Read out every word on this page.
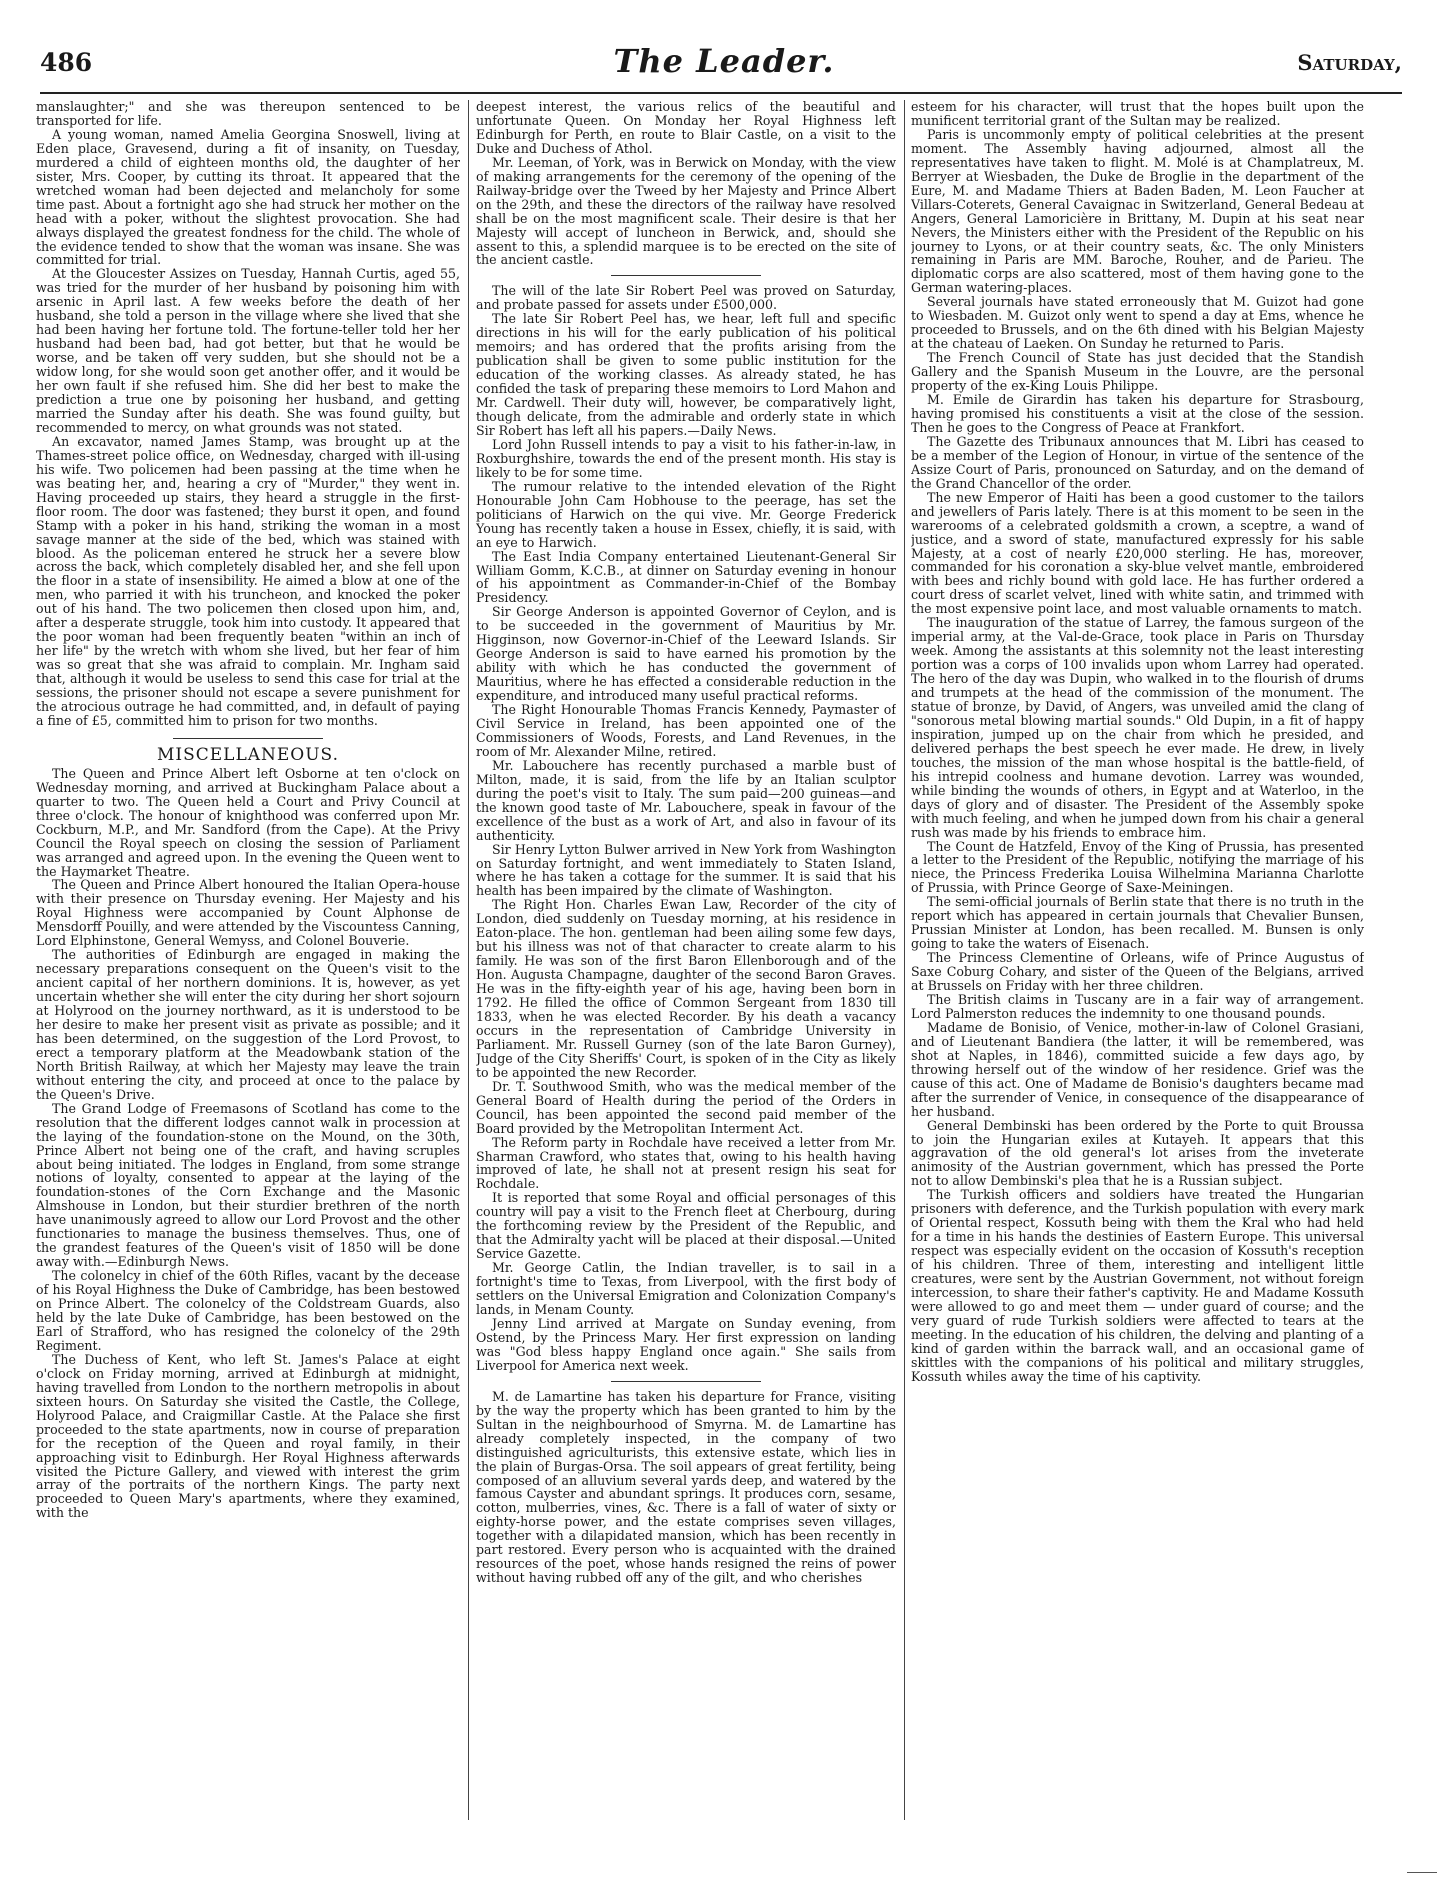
486	The Leader.	Saturday,

manslaughter;" and she was thereupon sentenced to be transported for life.

A young woman, named Amelia Georgina Snoswell, living at Eden place, Gravesend, during a fit of insanity, on Tuesday, murdered a child of eighteen months old, the daughter of her sister, Mrs. Cooper, by cutting its throat. It appeared that the wretched woman had been dejected and melancholy for some time past. About a fortnight ago she had struck her mother on the head with a poker, without the slightest provocation. She had always displayed the greatest fondness for the child. The whole of the evidence tended to show that the woman was insane. She was committed for trial.

At the Gloucester Assizes on Tuesday, Hannah Curtis, aged 55, was tried for the murder of her husband by poisoning him with arsenic in April last. A few weeks before the death of her husband, she told a person in the village where she lived that she had been having her fortune told. The fortune-teller told her her husband had been bad, had got better, but that he would be worse, and be taken off very sudden, but she should not be a widow long, for she would soon get another offer, and it would be her own fault if she refused him. She did her best to make the prediction a true one by poisoning her husband, and getting married the Sunday after his death. She was found guilty, but recommended to mercy, on what grounds was not stated.

An excavator, named James Stamp, was brought up at the Thames-street police office, on Wednesday, charged with ill-using his wife. Two policemen had been passing at the time when he was beating her, and, hearing a cry of "Murder," they went in. Having proceeded up stairs, they heard a struggle in the first-floor room. The door was fastened; they burst it open, and found Stamp with a poker in his hand, striking the woman in a most savage manner at the side of the bed, which was stained with blood. As the policeman entered he struck her a severe blow across the back, which completely disabled her, and she fell upon the floor in a state of insensibility. He aimed a blow at one of the men, who parried it with his truncheon, and knocked the poker out of his hand. The two policemen then closed upon him, and, after a desperate struggle, took him into custody. It appeared that the poor woman had been frequently beaten "within an inch of her life" by the wretch with whom she lived, but her fear of him was so great that she was afraid to complain. Mr. Ingham said that, although it would be useless to send this case for trial at the sessions, the prisoner should not escape a severe punishment for the atrocious outrage he had committed, and, in default of paying a fine of £5, committed him to prison for two months.

MISCELLANEOUS.

The Queen and Prince Albert left Osborne at ten o'clock on Wednesday morning, and arrived at Buckingham Palace about a quarter to two. The Queen held a Court and Privy Council at three o'clock. The honour of knighthood was conferred upon Mr. Cockburn, M.P., and Mr. Sandford (from the Cape). At the Privy Council the Royal speech on closing the session of Parliament was arranged and agreed upon. In the evening the Queen went to the Haymarket Theatre.

The Queen and Prince Albert honoured the Italian Opera-house with their presence on Thursday evening. Her Majesty and his Royal Highness were accompanied by Count Alphonse de Mensdorff Pouilly, and were attended by the Viscountess Canning, Lord Elphinstone, General Wemyss, and Colonel Bouverie.

The authorities of Edinburgh are engaged in making the necessary preparations consequent on the Queen's visit to the ancient capital of her northern dominions. It is, however, as yet uncertain whether she will enter the city during her short sojourn at Holyrood on the journey northward, as it is understood to be her desire to make her present visit as private as possible; and it has been determined, on the suggestion of the Lord Provost, to erect a temporary platform at the Meadowbank station of the North British Railway, at which her Majesty may leave the train without entering the city, and proceed at once to the palace by the Queen's Drive.

The Grand Lodge of Freemasons of Scotland has come to the resolution that the different lodges cannot walk in procession at the laying of the foundation-stone on the Mound, on the 30th, Prince Albert not being one of the craft, and having scruples about being initiated. The lodges in England, from some strange notions of loyalty, consented to appear at the laying of the foundation-stones of the Corn Exchange and the Masonic Almshouse in London, but their sturdier brethren of the north have unanimously agreed to allow our Lord Provost and the other functionaries to manage the business themselves. Thus, one of the grandest features of the Queen's visit of 1850 will be done away with.—Edinburgh News.

The colonelcy in chief of the 60th Rifles, vacant by the decease of his Royal Highness the Duke of Cambridge, has been bestowed on Prince Albert. The colonelcy of the Coldstream Guards, also held by the late Duke of Cambridge, has been bestowed on the Earl of Strafford, who has resigned the colonelcy of the 29th Regiment.

The Duchess of Kent, who left St. James's Palace at eight o'clock on Friday morning, arrived at Edinburgh at midnight, having travelled from London to the northern metropolis in about sixteen hours. On Saturday she visited the Castle, the College, Holyrood Palace, and Craigmillar Castle. At the Palace she first proceeded to the state apartments, now in course of preparation for the reception of the Queen and royal family, in their approaching visit to Edinburgh. Her Royal Highness afterwards visited the Picture Gallery, and viewed with interest the grim array of the portraits of the northern Kings. The party next proceeded to Queen Mary's apartments, where they examined, with the

deepest interest, the various relics of the beautiful and unfortunate Queen. On Monday her Royal Highness left Edinburgh for Perth, en route to Blair Castle, on a visit to the Duke and Duchess of Athol.

Mr. Leeman, of York, was in Berwick on Monday, with the view of making arrangements for the ceremony of the opening of the Railway-bridge over the Tweed by her Majesty and Prince Albert on the 29th, and these the directors of the railway have resolved shall be on the most magnificent scale. Their desire is that her Majesty will accept of luncheon in Berwick, and, should she assent to this, a splendid marquee is to be erected on the site of the ancient castle.

The will of the late Sir Robert Peel was proved on Saturday, and probate passed for assets under £500,000.

The late Sir Robert Peel has, we hear, left full and specific directions in his will for the early publication of his political memoirs; and has ordered that the profits arising from the publication shall be given to some public institution for the education of the working classes. As already stated, he has confided the task of preparing these memoirs to Lord Mahon and Mr. Cardwell. Their duty will, however, be comparatively light, though delicate, from the admirable and orderly state in which Sir Robert has left all his papers.—Daily News.

Lord John Russell intends to pay a visit to his father-in-law, in Roxburghshire, towards the end of the present month. His stay is likely to be for some time.

The rumour relative to the intended elevation of the Right Honourable John Cam Hobhouse to the peerage, has set the politicians of Harwich on the qui vive. Mr. George Frederick Young has recently taken a house in Essex, chiefly, it is said, with an eye to Harwich.

The East India Company entertained Lieutenant-General Sir William Gomm, K.C.B., at dinner on Saturday evening in honour of his appointment as Commander-in-Chief of the Bombay Presidency.

Sir George Anderson is appointed Governor of Ceylon, and is to be succeeded in the government of Mauritius by Mr. Higginson, now Governor-in-Chief of the Leeward Islands. Sir George Anderson is said to have earned his promotion by the ability with which he has conducted the government of Mauritius, where he has effected a considerable reduction in the expenditure, and introduced many useful practical reforms.

The Right Honourable Thomas Francis Kennedy, Paymaster of Civil Service in Ireland, has been appointed one of the Commissioners of Woods, Forests, and Land Revenues, in the room of Mr. Alexander Milne, retired.

Mr. Labouchere has recently purchased a marble bust of Milton, made, it is said, from the life by an Italian sculptor during the poet's visit to Italy. The sum paid—200 guineas—and the known good taste of Mr. Labouchere, speak in favour of the excellence of the bust as a work of Art, and also in favour of its authenticity.

Sir Henry Lytton Bulwer arrived in New York from Washington on Saturday fortnight, and went immediately to Staten Island, where he has taken a cottage for the summer. It is said that his health has been impaired by the climate of Washington.

The Right Hon. Charles Ewan Law, Recorder of the city of London, died suddenly on Tuesday morning, at his residence in Eaton-place. The hon. gentleman had been ailing some few days, but his illness was not of that character to create alarm to his family. He was son of the first Baron Ellenborough and of the Hon. Augusta Champagne, daughter of the second Baron Graves. He was in the fifty-eighth year of his age, having been born in 1792. He filled the office of Common Sergeant from 1830 till 1833, when he was elected Recorder. By his death a vacancy occurs in the representation of Cambridge University in Parliament. Mr. Russell Gurney (son of the late Baron Gurney), Judge of the City Sheriffs' Court, is spoken of in the City as likely to be appointed the new Recorder.

Dr. T. Southwood Smith, who was the medical member of the General Board of Health during the period of the Orders in Council, has been appointed the second paid member of the Board provided by the Metropolitan Interment Act.

The Reform party in Rochdale have received a letter from Mr. Sharman Crawford, who states that, owing to his health having improved of late, he shall not at present resign his seat for Rochdale.

It is reported that some Royal and official personages of this country will pay a visit to the French fleet at Cherbourg, during the forthcoming review by the President of the Republic, and that the Admiralty yacht will be placed at their disposal.—United Service Gazette.

Mr. George Catlin, the Indian traveller, is to sail in a fortnight's time to Texas, from Liverpool, with the first body of settlers on the Universal Emigration and Colonization Company's lands, in Menam County.

Jenny Lind arrived at Margate on Sunday evening, from Ostend, by the Princess Mary. Her first expression on landing was "God bless happy England once again." She sails from Liverpool for America next week.

M. de Lamartine has taken his departure for France, visiting by the way the property which has been granted to him by the Sultan in the neighbourhood of Smyrna. M. de Lamartine has already completely inspected, in the company of two distinguished agriculturists, this extensive estate, which lies in the plain of Burgas-Orsa. The soil appears of great fertility, being composed of an alluvium several yards deep, and watered by the famous Cayster and abundant springs. It produces corn, sesame, cotton, mulberries, vines, &c. There is a fall of water of sixty or eighty-horse power, and the estate comprises seven villages, together with a dilapidated mansion, which has been recently in part restored. Every person who is acquainted with the drained resources of the poet, whose hands resigned the reins of power without having rubbed off any of the gilt, and who cherishes

esteem for his character, will trust that the hopes built upon the munificent territorial grant of the Sultan may be realized.

Paris is uncommonly empty of political celebrities at the present moment. The Assembly having adjourned, almost all the representatives have taken to flight. M. Molé is at Champlatreux, M. Berryer at Wiesbaden, the Duke de Broglie in the department of the Eure, M. and Madame Thiers at Baden Baden, M. Leon Faucher at Villars-Coterets, General Cavaignac in Switzerland, General Bedeau at Angers, General Lamoricière in Brittany, M. Dupin at his seat near Nevers, the Ministers either with the President of the Republic on his journey to Lyons, or at their country seats, &c. The only Ministers remaining in Paris are MM. Baroche, Rouher, and de Parieu. The diplomatic corps are also scattered, most of them having gone to the German watering-places.

Several journals have stated erroneously that M. Guizot had gone to Wiesbaden. M. Guizot only went to spend a day at Ems, whence he proceeded to Brussels, and on the 6th dined with his Belgian Majesty at the chateau of Laeken. On Sunday he returned to Paris.

The French Council of State has just decided that the Standish Gallery and the Spanish Museum in the Louvre, are the personal property of the ex-King Louis Philippe.

M. Emile de Girardin has taken his departure for Strasbourg, having promised his constituents a visit at the close of the session. Then he goes to the Congress of Peace at Frankfort.

The Gazette des Tribunaux announces that M. Libri has ceased to be a member of the Legion of Honour, in virtue of the sentence of the Assize Court of Paris, pronounced on Saturday, and on the demand of the Grand Chancellor of the order.

The new Emperor of Haiti has been a good customer to the tailors and jewellers of Paris lately. There is at this moment to be seen in the warerooms of a celebrated goldsmith a crown, a sceptre, a wand of justice, and a sword of state, manufactured expressly for his sable Majesty, at a cost of nearly £20,000 sterling. He has, moreover, commanded for his coronation a sky-blue velvet mantle, embroidered with bees and richly bound with gold lace. He has further ordered a court dress of scarlet velvet, lined with white satin, and trimmed with the most expensive point lace, and most valuable ornaments to match.

The inauguration of the statue of Larrey, the famous surgeon of the imperial army, at the Val-de-Grace, took place in Paris on Thursday week. Among the assistants at this solemnity not the least interesting portion was a corps of 100 invalids upon whom Larrey had operated. The hero of the day was Dupin, who walked in to the flourish of drums and trumpets at the head of the commission of the monument. The statue of bronze, by David, of Angers, was unveiled amid the clang of "sonorous metal blowing martial sounds." Old Dupin, in a fit of happy inspiration, jumped up on the chair from which he presided, and delivered perhaps the best speech he ever made. He drew, in lively touches, the mission of the man whose hospital is the battle-field, of his intrepid coolness and humane devotion. Larrey was wounded, while binding the wounds of others, in Egypt and at Waterloo, in the days of glory and of disaster. The President of the Assembly spoke with much feeling, and when he jumped down from his chair a general rush was made by his friends to embrace him.

The Count de Hatzfeld, Envoy of the King of Prussia, has presented a letter to the President of the Republic, notifying the marriage of his niece, the Princess Frederika Louisa Wilhelmina Marianna Charlotte of Prussia, with Prince George of Saxe-Meiningen.

The semi-official journals of Berlin state that there is no truth in the report which has appeared in certain journals that Chevalier Bunsen, Prussian Minister at London, has been recalled. M. Bunsen is only going to take the waters of Eisenach.

The Princess Clementine of Orleans, wife of Prince Augustus of Saxe Coburg Cohary, and sister of the Queen of the Belgians, arrived at Brussels on Friday with her three children.

The British claims in Tuscany are in a fair way of arrangement. Lord Palmerston reduces the indemnity to one thousand pounds.

Madame de Bonisio, of Venice, mother-in-law of Colonel Grasiani, and of Lieutenant Bandiera (the latter, it will be remembered, was shot at Naples, in 1846), committed suicide a few days ago, by throwing herself out of the window of her residence. Grief was the cause of this act. One of Madame de Bonisio's daughters became mad after the surrender of Venice, in consequence of the disappearance of her husband.

General Dembinski has been ordered by the Porte to quit Broussa to join the Hungarian exiles at Kutayeh. It appears that this aggravation of the old general's lot arises from the inveterate animosity of the Austrian government, which has pressed the Porte not to allow Dembinski's plea that he is a Russian subject.

The Turkish officers and soldiers have treated the Hungarian prisoners with deference, and the Turkish population with every mark of Oriental respect, Kossuth being with them the Kral who had held for a time in his hands the destinies of Eastern Europe. This universal respect was especially evident on the occasion of Kossuth's reception of his children. Three of them, interesting and intelligent little creatures, were sent by the Austrian Government, not without foreign intercession, to share their father's captivity. He and Madame Kossuth were allowed to go and meet them — under guard of course; and the very guard of rude Turkish soldiers were affected to tears at the meeting. In the education of his children, the delving and planting of a kind of garden within the barrack wall, and an occasional game of skittles with the companions of his political and military struggles, Kossuth whiles away the time of his captivity.
